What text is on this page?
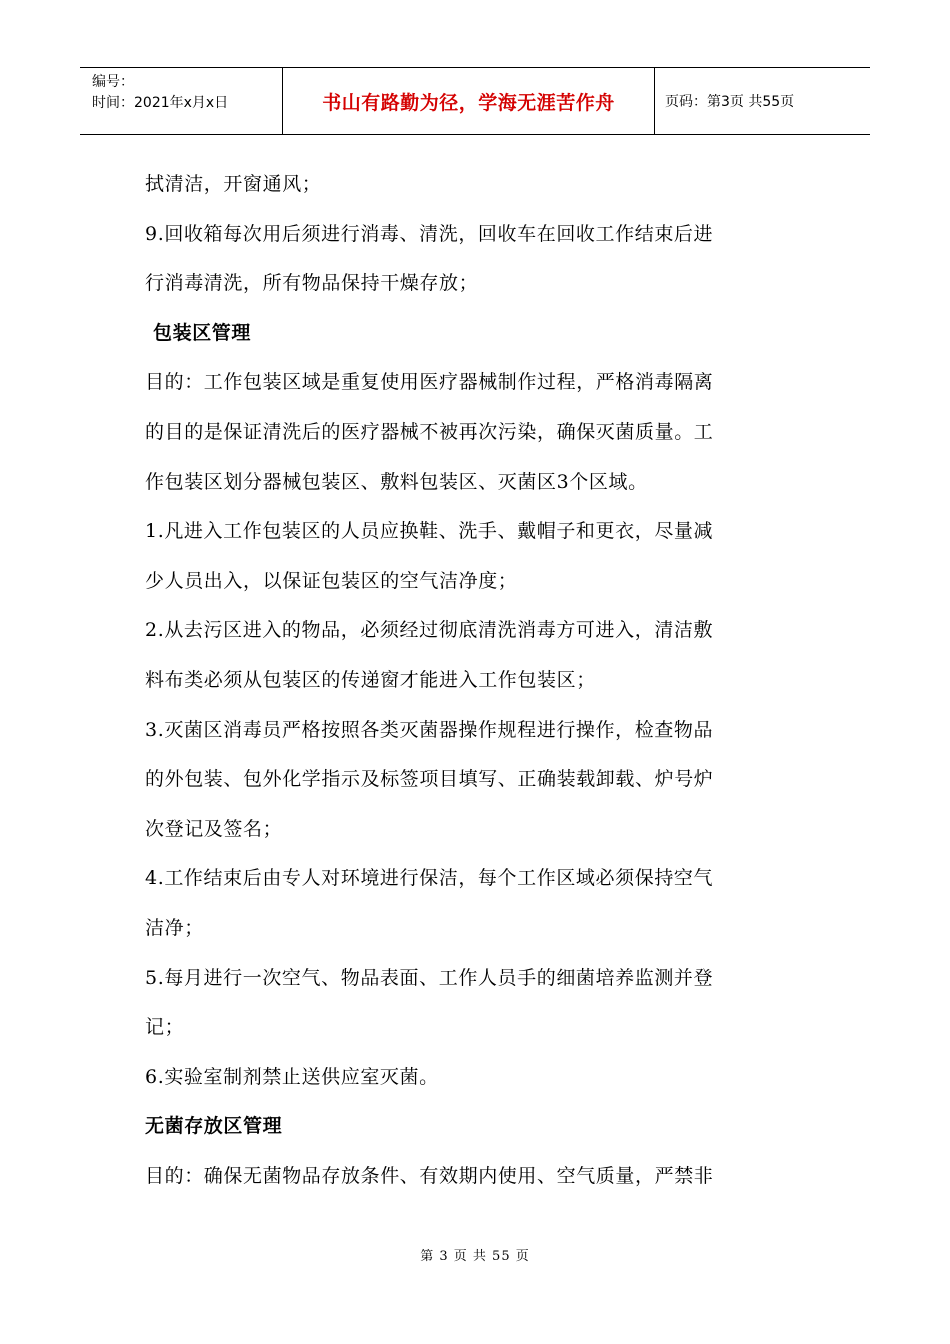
编号：
时间：2021年x月x日	书山有路勤为径，学海无涯苦作舟	页码：第3页 共55页

拭清洁，开窗通风；

9.回收箱每次用后须进行消毒、清洗，回收车在回收工作结束后进

行消毒清洗，所有物品保持干燥存放；

包装区管理

目的：工作包装区域是重复使用医疗器械制作过程，严格消毒隔离

的目的是保证清洗后的医疗器械不被再次污染，确保灭菌质量。工

作包装区划分器械包装区、敷料包装区、灭菌区3个区域。

1.凡进入工作包装区的人员应换鞋、洗手、戴帽子和更衣，尽量减

少人员出入，以保证包装区的空气洁净度；

2.从去污区进入的物品，必须经过彻底清洗消毒方可进入，清洁敷

料布类必须从包装区的传递窗才能进入工作包装区；

3.灭菌区消毒员严格按照各类灭菌器操作规程进行操作，检查物品

的外包装、包外化学指示及标签项目填写、正确装载卸载、炉号炉

次登记及签名；

4.工作结束后由专人对环境进行保洁，每个工作区域必须保持空气

洁净；

5.每月进行一次空气、物品表面、工作人员手的细菌培养监测并登

记；

6.实验室制剂禁止送供应室灭菌。

无菌存放区管理

目的：确保无菌物品存放条件、有效期内使用、空气质量，严禁非

第 3 页 共 55 页
